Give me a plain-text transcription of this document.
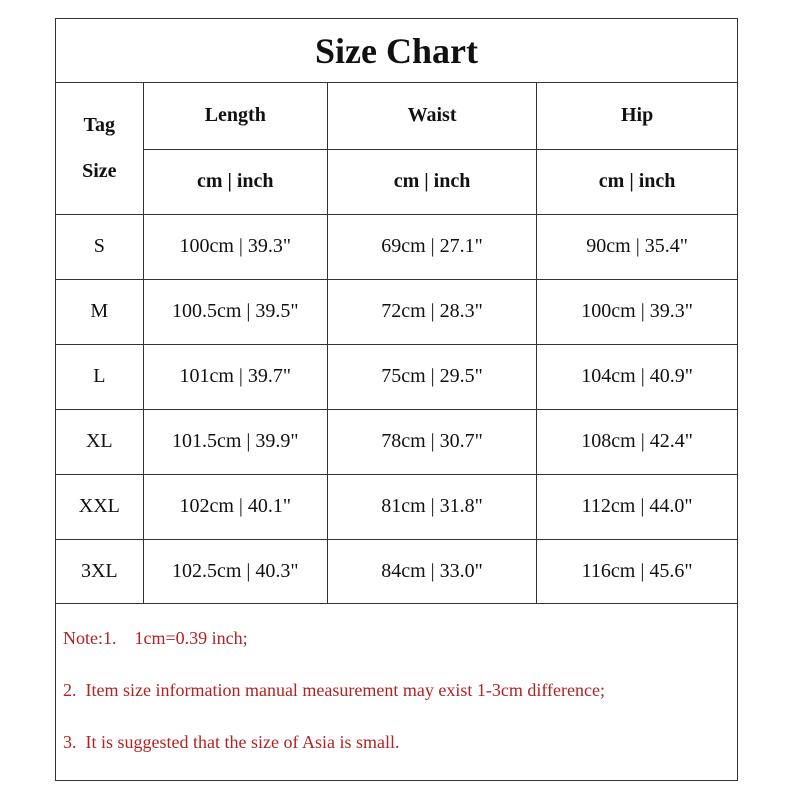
Size Chart
Tag
Size	Length	Waist	Hip
	cm | inch	cm | inch	cm | inch
S	100cm | 39.3"	69cm | 27.1"	90cm | 35.4"
M	100.5cm | 39.5"	72cm | 28.3"	100cm | 39.3"
L	101cm | 39.7"	75cm | 29.5"	104cm | 40.9"
XL	101.5cm | 39.9"	78cm | 30.7"	108cm | 42.4"
XXL	102cm | 40.1"	81cm | 31.8"	112cm | 44.0"
3XL	102.5cm | 40.3"	84cm | 33.0"	116cm | 45.6"
Note:1.    1cm=0.39 inch;
2.  Item size information manual measurement may exist 1-3cm difference;
3.  It is suggested that the size of Asia is small.
